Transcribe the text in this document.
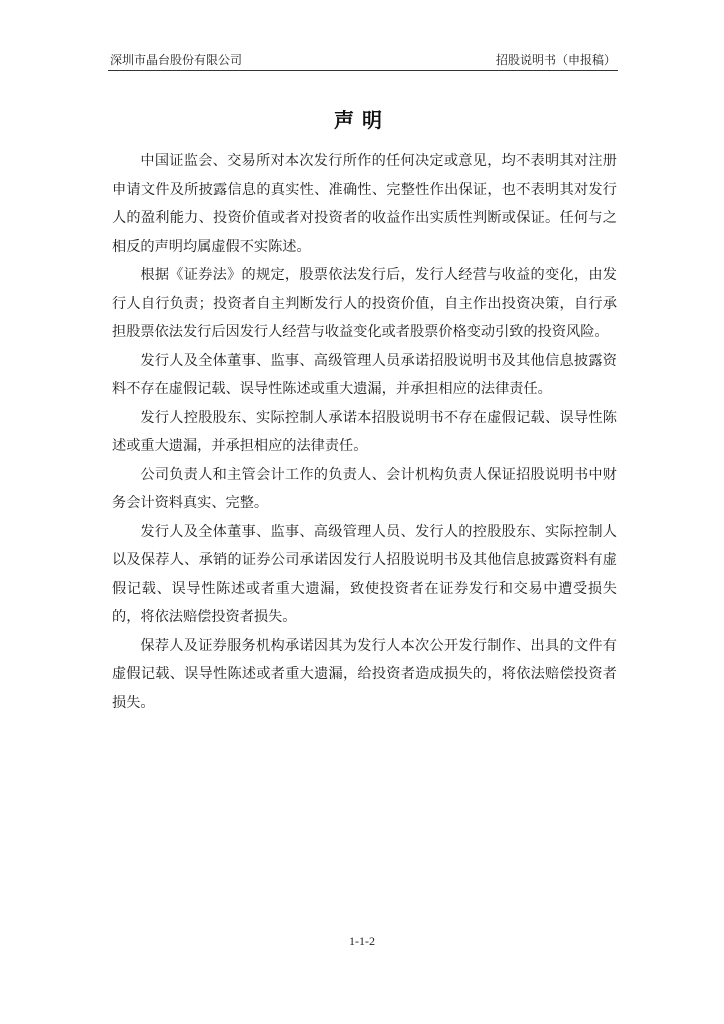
深圳市晶台股份有限公司	招股说明书（申报稿）
声明

中国证监会、交易所对本次发行所作的任何决定或意见，均不表明其对注册申请文件及所披露信息的真实性、准确性、完整性作出保证，也不表明其对发行人的盈利能力、投资价值或者对投资者的收益作出实质性判断或保证。任何与之相反的声明均属虚假不实陈述。

根据《证券法》的规定，股票依法发行后，发行人经营与收益的变化，由发行人自行负责；投资者自主判断发行人的投资价值，自主作出投资决策，自行承担股票依法发行后因发行人经营与收益变化或者股票价格变动引致的投资风险。

发行人及全体董事、监事、高级管理人员承诺招股说明书及其他信息披露资料不存在虚假记载、误导性陈述或重大遗漏，并承担相应的法律责任。

发行人控股股东、实际控制人承诺本招股说明书不存在虚假记载、误导性陈述或重大遗漏，并承担相应的法律责任。

公司负责人和主管会计工作的负责人、会计机构负责人保证招股说明书中财务会计资料真实、完整。

发行人及全体董事、监事、高级管理人员、发行人的控股股东、实际控制人以及保荐人、承销的证券公司承诺因发行人招股说明书及其他信息披露资料有虚假记载、误导性陈述或者重大遗漏，致使投资者在证券发行和交易中遭受损失的，将依法赔偿投资者损失。

保荐人及证券服务机构承诺因其为发行人本次公开发行制作、出具的文件有虚假记载、误导性陈述或者重大遗漏，给投资者造成损失的，将依法赔偿投资者损失。

1-1-2
